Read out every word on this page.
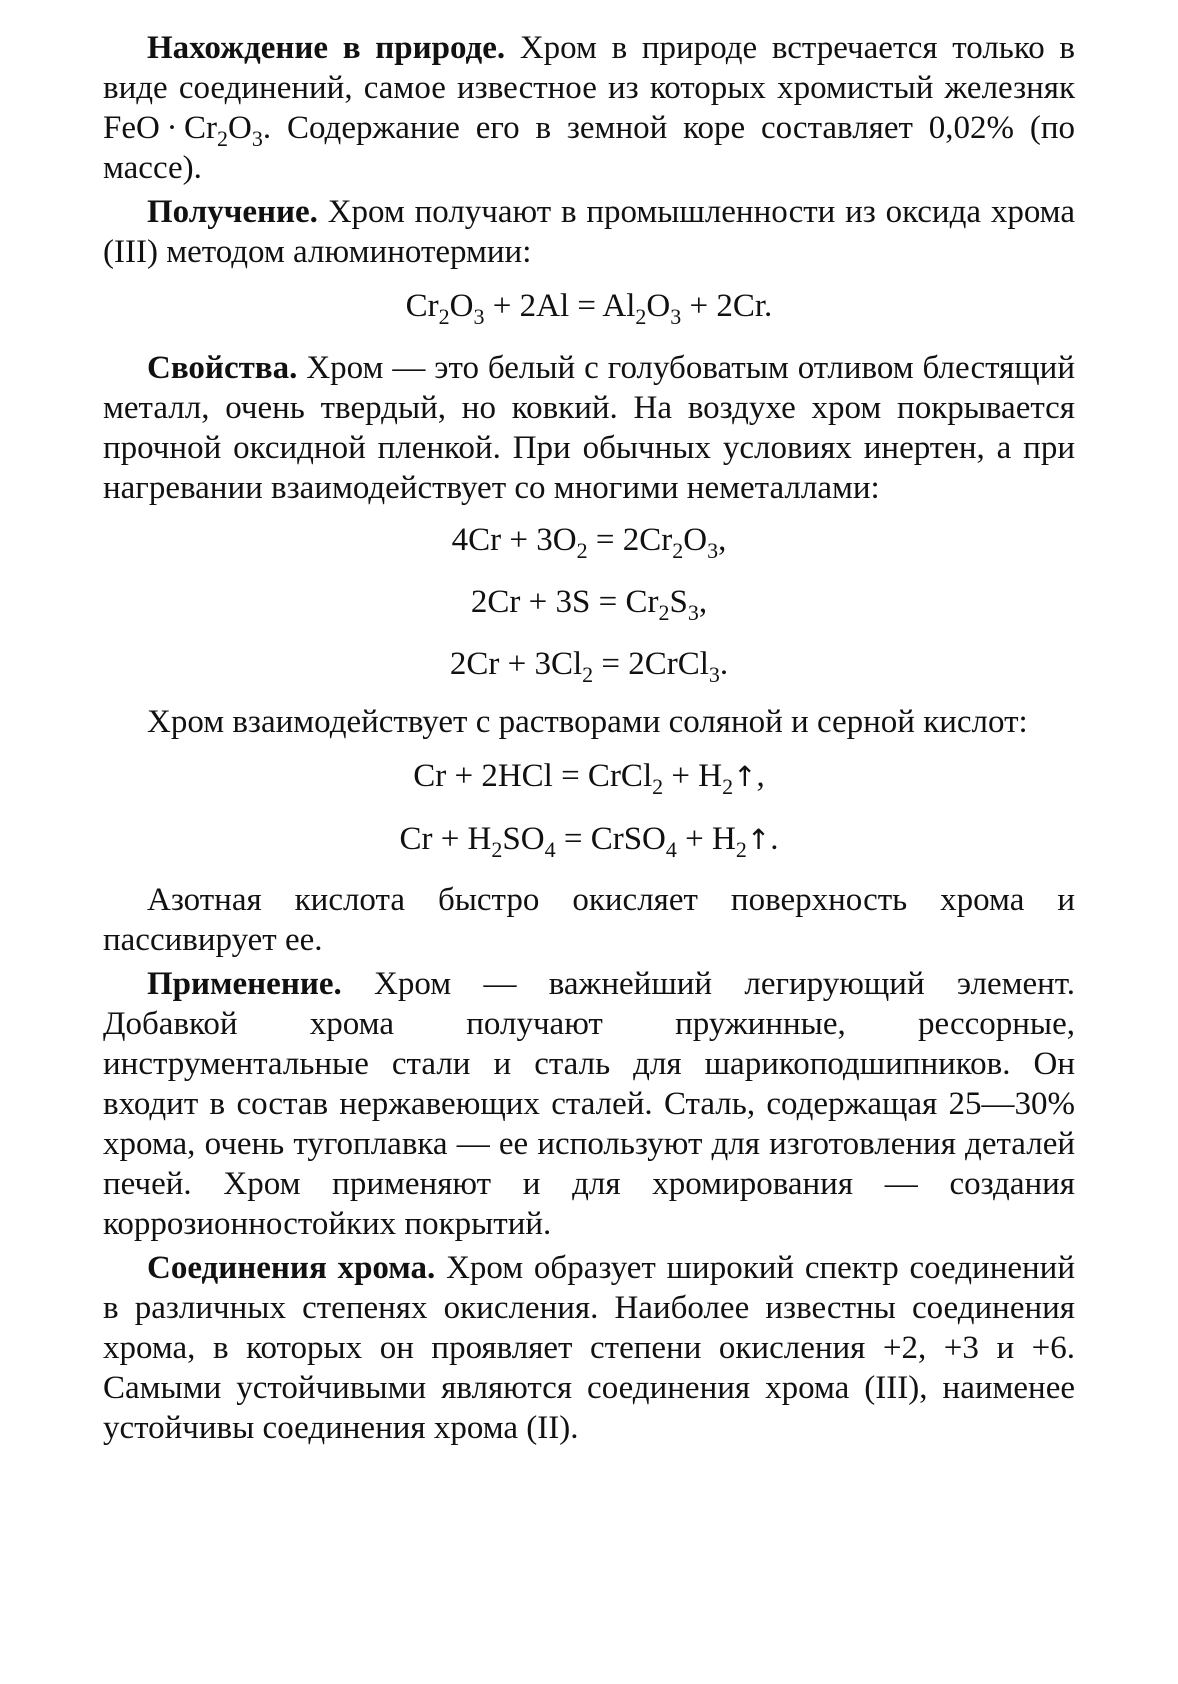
Нахождение в природе. Хром в природе встречается только в виде соединений, самое известное из которых хромистый железняк FeO · $Cr_2O_3$. Содержание его в земной коре составляет 0,02% (по массе).

Получение. Хром получают в промышленности из оксида хрома (III) методом алюминотермии:

$Cr_2O_3 + 2Al = Al_2O_3 + 2Cr$.

Свойства. Хром — это белый с голубоватым отливом блестящий металл, очень твердый, но ковкий. На воздухе хром покрывается прочной оксидной пленкой. При обычных условиях инертен, а при нагревании взаимодействует со многими неметаллами:

$4Cr + 3O_2 = 2Cr_2O_3$,

$2Cr + 3S = Cr_2S_3$,

$2Cr + 3Cl_2$ = 2CrCl$_3$.

Хром взаимодействует с растворами соляной и серной кислот:

Cr + 2HCl = CrCl$_2$ + $H_2↑$,

$Cr + H_2SO_4$ = CrSO$_4$ + $H_2↑$.

Азотная кислота быстро окисляет поверхность хрома и пассивирует ее.

Применение. Хром — важнейший легирующий элемент. Добавкой хрома получают пружинные, рессорные, инструментальные стали и сталь для шарикоподшипников. Он входит в состав нержавеющих сталей. Сталь, содержащая 25—30% хрома, очень тугоплавка — ее используют для изготовления деталей печей. Хром применяют и для хромирования — создания коррозионностойких покрытий.

Соединения хрома. Хром образует широкий спектр соединений в различных степенях окисления. Наиболее известны соединения хрома, в которых он проявляет степени окисления +2, +3 и +6. Самыми устойчивыми являются соединения хрома (III), наименее устойчивы соединения хрома (II).
